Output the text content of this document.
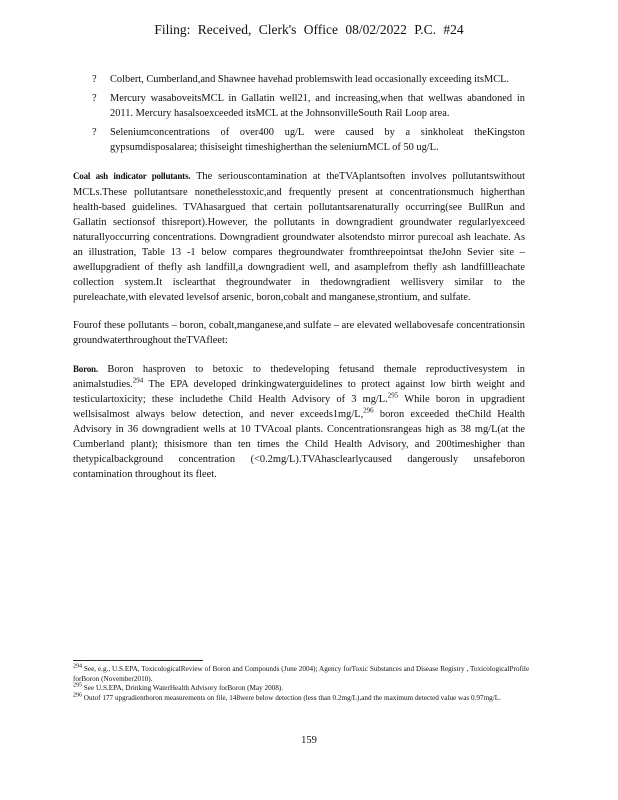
Filing: Received, Clerk's Office 08/02/2022 P.C. #24
? Colbert, Cumberland,and Shawnee havehad problemswith lead occasionally exceeding itsMCL.
? Mercury wasaboveitsMCL in Gallatin well21, and increasing,when that wellwas abandoned in 2011. Mercury hasalsoexceeded itsMCL at the JohnsonvilleSouth Rail Loop area.
? Seleniumconcentrations of over400 ug/L were caused by a sinkholeat theKingston gypsumdisposalarea; thisiseight timeshigherthan the seleniumMCL of 50 ug/L.

Coal ash indicator pollutants. The seriouscontamination at theTVAplantsoften involves pollutantswithout MCLs.These pollutantsare nonethelesstoxic,and frequently present at concentrationsmuch higherthan health-based guidelines. TVAhasargued that certain pollutantsarenaturally occurring(see BullRun and Gallatin sectionsof thisreport).However, the pollutants in downgradient groundwater regularlyexceed naturallyoccurring concentrations. Downgradient groundwater alsotendsto mirror purecoal ash leachate. As an illustration, Table 13 -1 below compares thegroundwater fromthreepointsat theJohn Sevier site – awellupgradient of thefly ash landfill,a downgradient well, and asamplefrom thefly ash landfillleachate collection system.It isclearthat thegroundwater in thedowngradient wellisvery similar to the pureleachate,with elevated levelsof arsenic, boron,cobalt and manganese,strontium, and sulfate.

Fourof these pollutants – boron, cobalt,manganese,and sulfate – are elevated wellabovesafe concentrationsin groundwaterthroughout theTVAfleet:

Boron. Boron hasproven to betoxic to thedeveloping fetusand themale reproductivesystem in animalstudies.$^{294}$ The EPA developed drinkingwaterguidelines to protect against low birth weight and testiculartoxicity; these includethe Child Health Advisory of 3 mg/L.$^{295}$ While boron in upgradient wellsisalmost always below detection, and never exceeds1mg/L,$^{296}$ boron exceeded theChild Health Advisory in 36 downgradient wells at 10 TVAcoal plants. Concentrationsrangeas high as 38 mg/L(at the Cumberland plant); thisismore than ten times the Child Health Advisory, and 200timeshigher than thetypicalbackground concentration (<0.2mg/L).TVAhasclearlycaused dangerously unsafeboron contamination throughout its fleet.

$^{294}$ See, e.g., U.S.EPA, ToxicologicalReview of Boron and Compounds (June 2004); Agency forToxic Substances and Disease Registry , ToxicologicalProfile forBoron (November2010).

$^{295}$ See U.S.EPA, Drinking WaterHealth Advisory forBoron (May 2008).

$^{296}$ Outof 177 upgradientboron measurements on file, 148were below detection (less than 0.2mg/L),and the maximum detected value was 0.97mg/L.

159
